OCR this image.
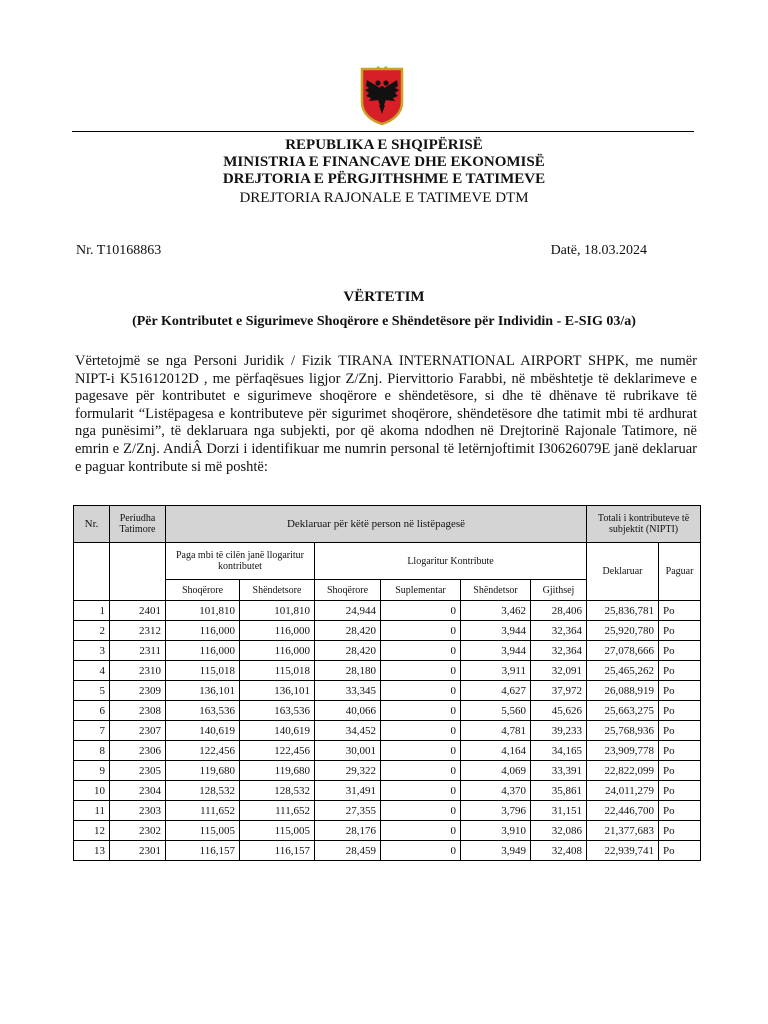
REPUBLIKA E SHQIPËRISË
MINISTRIA E FINANCAVE DHE EKONOMISË
DREJTORIA E PËRGJITHSHME E TATIMEVE
DREJTORIA RAJONALE E TATIMEVE DTM
Nr. T10168863	Datë, 18.03.2024
VËRTETIM
(Për Kontributet e Sigurimeve Shoqërore e Shëndetësore për Individin - E-SIG 03/a)

Vërtetojmë se nga Personi Juridik / Fizik TIRANA INTERNATIONAL AIRPORT SHPK, me numër NIPT-i K51612012D , me përfaqësues ligjor Z/Znj. Piervittorio Farabbi, në mbështetje të deklarimeve e pagesave për kontributet e sigurimeve shoqërore e shëndetësore, si dhe të dhënave të rubrikave të formularit “Listëpagesa e kontributeve për sigurimet shoqërore, shëndetësore dhe tatimit mbi të ardhurat nga punësimi”, të deklaruara nga subjekti, por që akoma ndodhen në Drejtorinë Rajonale Tatimore, në emrin e Z/Znj. AndiÂ Dorzi i identifikuar me numrin personal të letërnjoftimit I30626079E janë deklaruar e paguar kontribute si më poshtë:

Nr.	Periudha Tatimore	Deklaruar për këtë person në listëpagesë						Totali i kontributeve të subjektit (NIPTI)	
		Paga mbi të cilën janë llogaritur kontributet		Llogaritur Kontribute				Deklaruar	Paguar
		Shoqërore	Shëndetsore	Shoqërore	Suplementar	Shëndetsor	Gjithsej		
1	2401	101,810	101,810	24,944	0	3,462	28,406	25,836,781	Po
2	2312	116,000	116,000	28,420	0	3,944	32,364	25,920,780	Po
3	2311	116,000	116,000	28,420	0	3,944	32,364	27,078,666	Po
4	2310	115,018	115,018	28,180	0	3,911	32,091	25,465,262	Po
5	2309	136,101	136,101	33,345	0	4,627	37,972	26,088,919	Po
6	2308	163,536	163,536	40,066	0	5,560	45,626	25,663,275	Po
7	2307	140,619	140,619	34,452	0	4,781	39,233	25,768,936	Po
8	2306	122,456	122,456	30,001	0	4,164	34,165	23,909,778	Po
9	2305	119,680	119,680	29,322	0	4,069	33,391	22,822,099	Po
10	2304	128,532	128,532	31,491	0	4,370	35,861	24,011,279	Po
11	2303	111,652	111,652	27,355	0	3,796	31,151	22,446,700	Po
12	2302	115,005	115,005	28,176	0	3,910	32,086	21,377,683	Po
13	2301	116,157	116,157	28,459	0	3,949	32,408	22,939,741	Po
